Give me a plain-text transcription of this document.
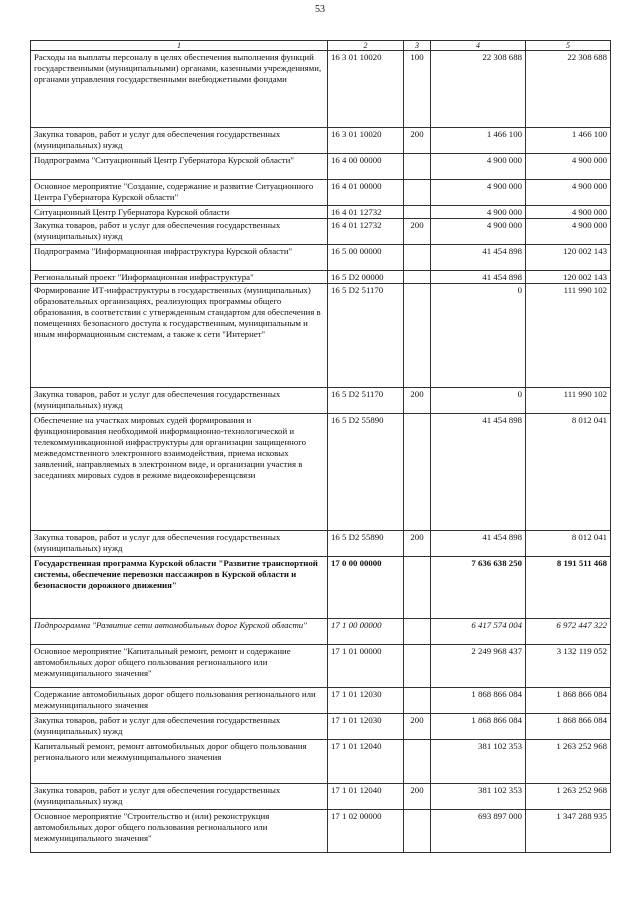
53
1	2	3	4	5
Расходы на выплаты персоналу в целях обеспечения выполнения функций государственными (муниципальными) органами, казенными учреждениями, органами управления государственными внебюджетными фондами	16 3 01 10020	100	22 308 688	22 308 688
Закупка товаров, работ и услуг для обеспечения государственных (муниципальных) нужд	16 3 01 10020	200	1 466 100	1 466 100
Подпрограмма "Ситуационный Центр Губернатора Курской области"	16 4 00 00000		4 900 000	4 900 000
Основное мероприятие "Создание, содержание и развитие Ситуационного Центра Губернатора Курской области"	16 4 01 00000		4 900 000	4 900 000
Ситуационный Центр Губернатора Курской области	16 4 01 12732		4 900 000	4 900 000
Закупка товаров, работ и услуг для обеспечения государственных (муниципальных) нужд	16 4 01 12732	200	4 900 000	4 900 000
Подпрограмма "Информационная инфраструктура Курской области"	16 5 00 00000		41 454 898	120 002 143
Региональный проект "Информационная инфраструктура"	16 5 D2 00000		41 454 898	120 002 143
Формирование ИТ-инфраструктуры в государственных (муниципальных) образовательных организациях, реализующих программы общего образования, в соответствии с утвержденным стандартом для обеспечения в помещениях безопасного доступа к государственным, муниципальным и иным информационным системам, а также к сети "Интернет"	16 5 D2 51170		0	111 990 102
Закупка товаров, работ и услуг для обеспечения государственных (муниципальных) нужд	16 5 D2 51170	200	0	111 990 102
Обеспечение на участках мировых судей формирования и функционирования необходимой информационно-технологической и телекоммуникационной инфраструктуры для организации защищенного межведомственного электронного взаимодействия, приема исковых заявлений, направляемых в электронном виде, и организации участия в заседаниях мировых судов в режиме видеоконференцсвязи	16 5 D2 55890		41 454 898	8 012 041
Закупка товаров, работ и услуг для обеспечения государственных (муниципальных) нужд	16 5 D2 55890	200	41 454 898	8 012 041
Государственная программа Курской области "Развитие транспортной системы, обеспечение перевозки пассажиров в Курской области и безопасности дорожного движения"	17 0 00 00000		7 636 638 250	8 191 511 468
Подпрограмма "Развитие сети автомобильных дорог Курской области"	17 1 00 00000		6 417 574 004	6 972 447 322
Основное мероприятие "Капитальный ремонт, ремонт и содержание автомобильных дорог общего пользования регионального или межмуниципального значения"	17 1 01 00000		2 249 968 437	3 132 119 052
Содержание автомобильных дорог общего пользования регионального или межмуниципального значения	17 1 01 12030		1 868 866 084	1 868 866 084
Закупка товаров, работ и услуг для обеспечения государственных (муниципальных) нужд	17 1 01 12030	200	1 868 866 084	1 868 866 084
Капитальный ремонт, ремонт автомобильных дорог общего пользования регионального или межмуниципального значения	17 1 01 12040		381 102 353	1 263 252 968
Закупка товаров, работ и услуг для обеспечения государственных (муниципальных) нужд	17 1 01 12040	200	381 102 353	1 263 252 968
Основное мероприятие "Строительство и (или) реконструкция автомобильных дорог общего пользования регионального или межмуниципального значения"	17 1 02 00000		693 897 000	1 347 288 935
